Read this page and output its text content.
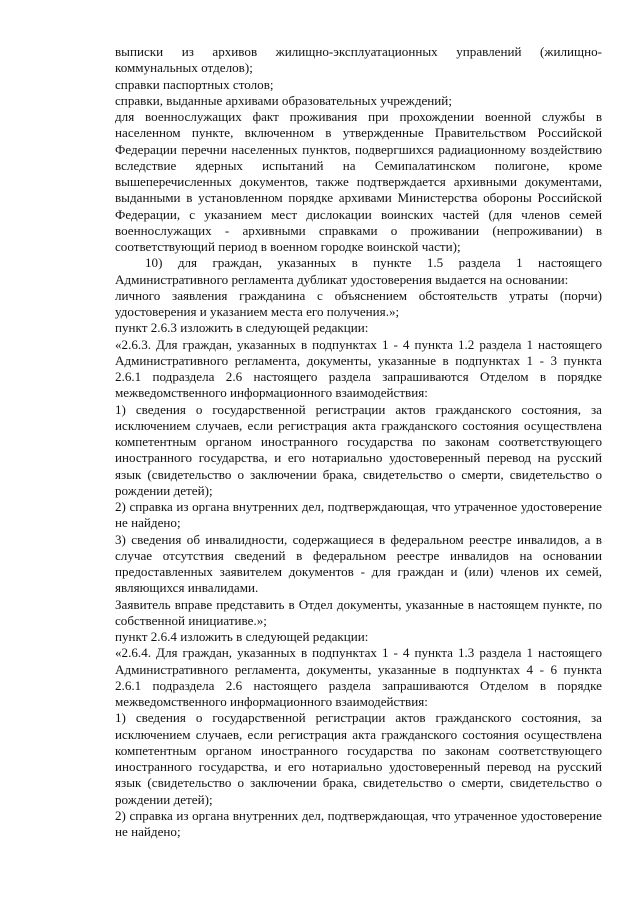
выписки из архивов жилищно-эксплуатационных управлений (жилищно-коммунальных отделов);

справки паспортных столов;

справки, выданные архивами образовательных учреждений;

для военнослужащих факт проживания при прохождении военной службы в населенном пункте, включенном в утвержденные Правительством Российской Федерации перечни населенных пунктов, подвергшихся радиационному воздействию вследствие ядерных испытаний на Семипалатинском полигоне, кроме вышеперечисленных документов, также подтверждается архивными документами, выданными в установленном порядке архивами Министерства обороны Российской Федерации, с указанием мест дислокации воинских частей (для членов семей военнослужащих - архивными справками о проживании (непроживании) в соответствующий период в военном городке воинской части);

10) для граждан, указанных в пункте 1.5 раздела 1 настоящего Административного регламента дубликат удостоверения выдается на основании:

личного заявления гражданина с объяснением обстоятельств утраты (порчи) удостоверения и указанием места его получения.»;

пункт 2.6.3 изложить в следующей редакции:

«2.6.3. Для граждан, указанных в подпунктах 1 - 4 пункта 1.2 раздела 1 настоящего Административного регламента, документы, указанные в подпунктах 1 - 3 пункта 2.6.1 подраздела 2.6 настоящего раздела запрашиваются Отделом в порядке межведомственного информационного взаимодействия:

1) сведения о государственной регистрации актов гражданского состояния, за исключением случаев, если регистрация акта гражданского состояния осуществлена компетентным органом иностранного государства по законам соответствующего иностранного государства, и его нотариально удостоверенный перевод на русский язык (свидетельство о заключении брака, свидетельство о смерти, свидетельство о рождении детей);

2) справка из органа внутренних дел, подтверждающая, что утраченное удостоверение не найдено;

3) сведения об инвалидности, содержащиеся в федеральном реестре инвалидов, а в случае отсутствия сведений в федеральном реестре инвалидов на основании предоставленных заявителем документов - для граждан и (или) членов их семей, являющихся инвалидами.

Заявитель вправе представить в Отдел документы, указанные в настоящем пункте, по собственной инициативе.»;

пункт 2.6.4 изложить в следующей редакции:

«2.6.4. Для граждан, указанных в подпунктах 1 - 4 пункта 1.3 раздела 1 настоящего Административного регламента, документы, указанные в подпунктах 4 - 6 пункта 2.6.1 подраздела 2.6 настоящего раздела запрашиваются Отделом в порядке межведомственного информационного взаимодействия:

1) сведения о государственной регистрации актов гражданского состояния, за исключением случаев, если регистрация акта гражданского состояния осуществлена компетентным органом иностранного государства по законам соответствующего иностранного государства, и его нотариально удостоверенный перевод на русский язык (свидетельство о заключении брака, свидетельство о смерти, свидетельство о рождении детей);

2) справка из органа внутренних дел, подтверждающая, что утраченное удостоверение не найдено;
